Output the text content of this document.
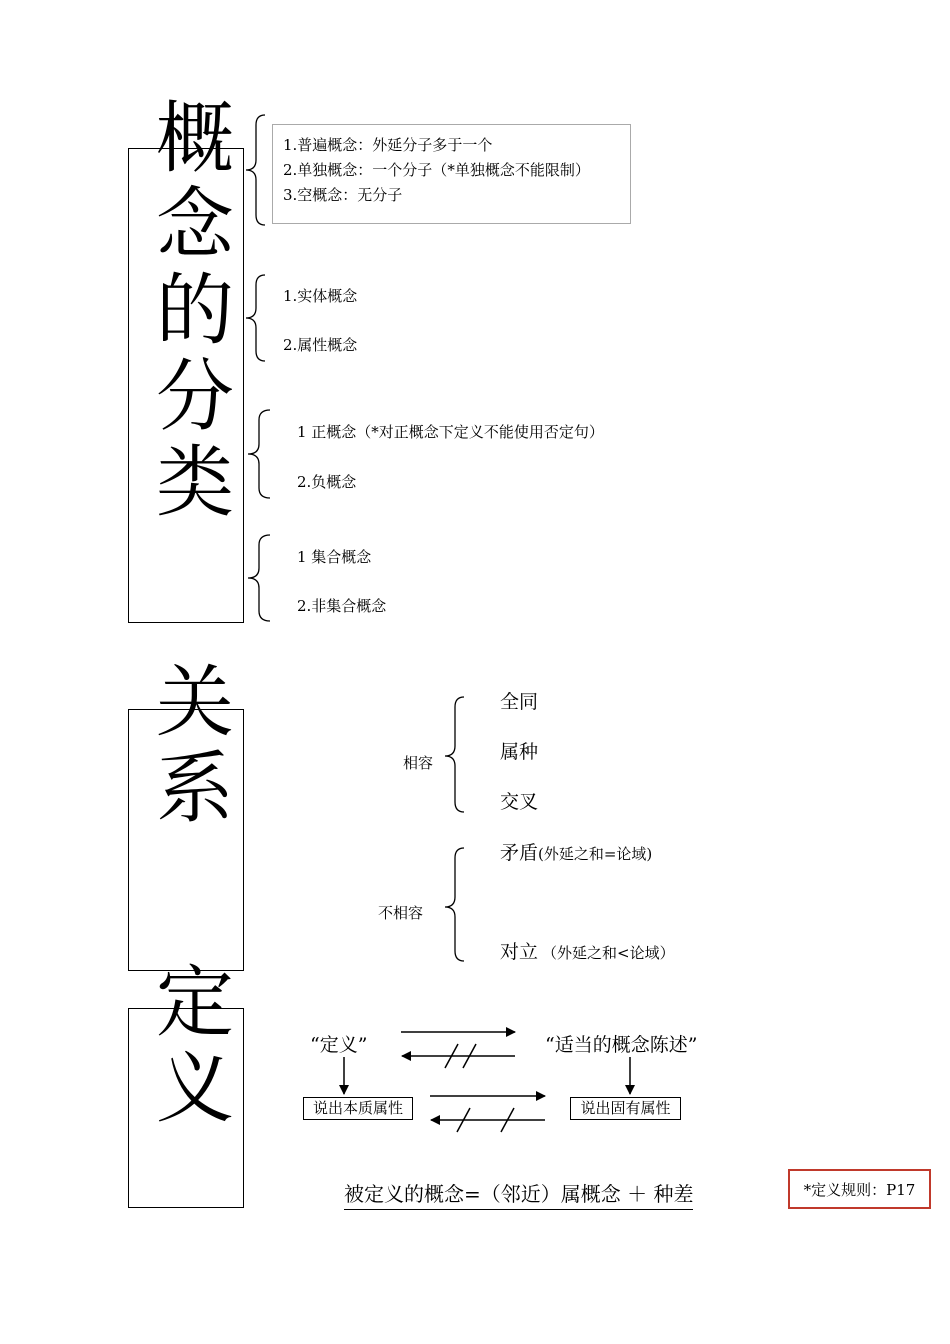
概
念
的
分
类
1.普遍概念：外延分子多于一个
2.单独概念：一个分子（*单独概念不能限制）
3.空概念：无分子
1.实体概念
2.属性概念
1 正概念（*对正概念下定义不能使用否定句）
2.负概念
1 集合概念
2.非集合概念
关
系	相容
全同
属种
交叉
不相容
矛盾(外延之和=论域)
对立 （外延之和<论域）
定
义	“定义”	“适当的概念陈述”
说出本质属性	说出固有属性
被定义的概念=（邻近）属概念 ＋ 种差	*定义规则：P17
